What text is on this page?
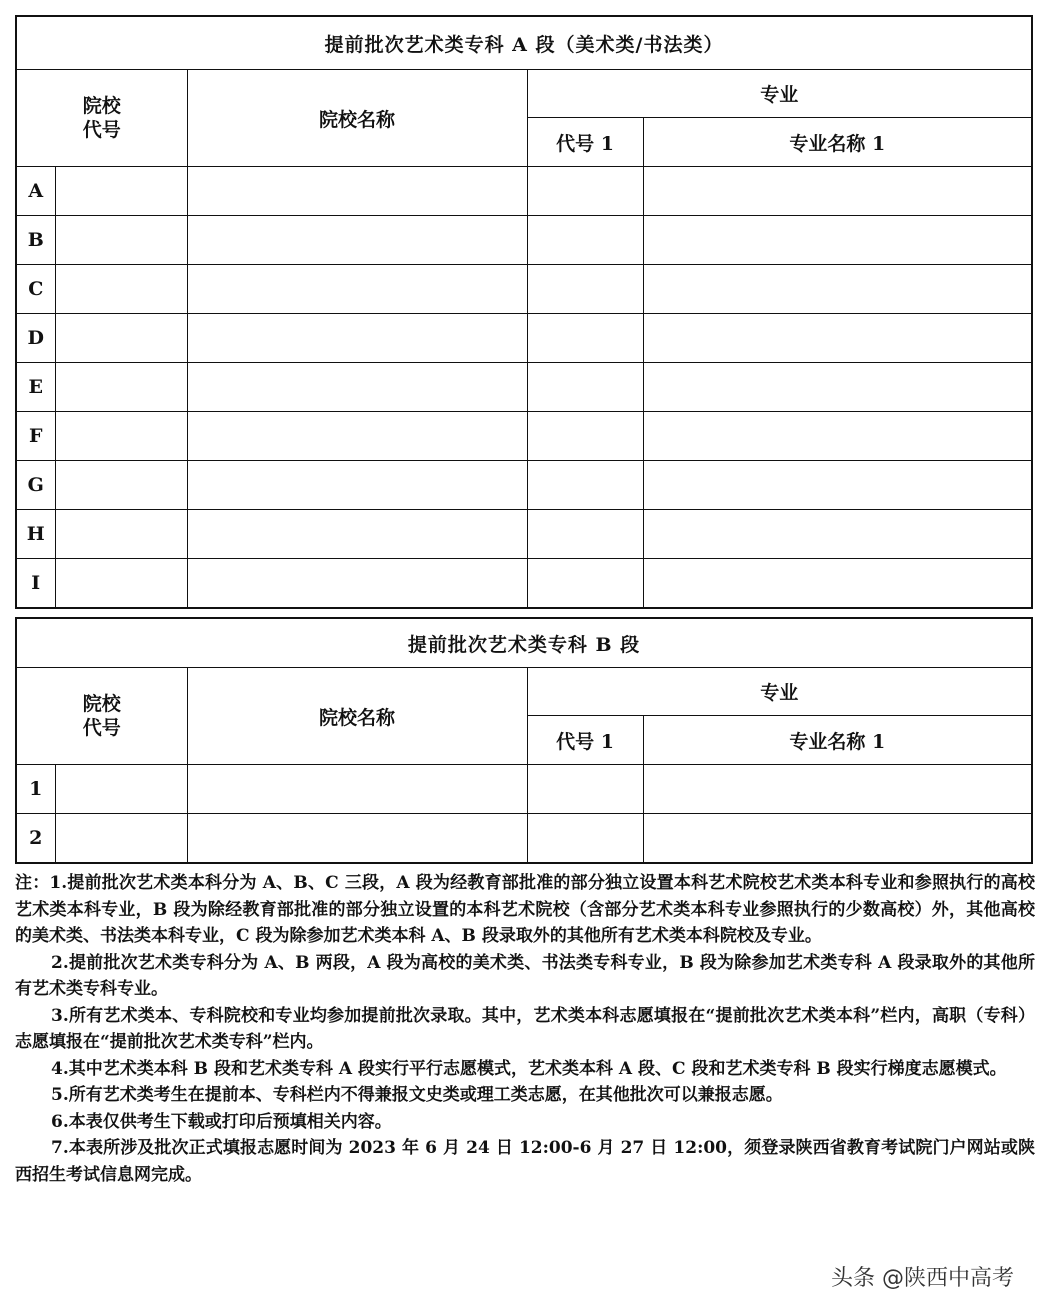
提前批次艺术类专科 A 段（美术类/书法类）				

院校
代号		院校名称	专业	
			代号 1	专业名称 1
A				
B				
C				
D				
E				
F				
G				
H				
I				
提前批次艺术类专科 B 段				

院校
代号		院校名称	专业	
			代号 1	专业名称 1
1				
2				

注：1.提前批次艺术类本科分为 A、B、C 三段，A 段为经教育部批准的部分独立设置本科艺术院校艺术类本科专业和参照执行的高校艺术类本科专业，B 段为除经教育部批准的部分独立设置的本科艺术院校（含部分艺术类本科专业参照执行的少数高校）外，其他高校的美术类、书法类本科专业，C 段为除参加艺术类本科 A、B 段录取外的其他所有艺术类本科院校及专业。

2.提前批次艺术类专科分为 A、B 两段，A 段为高校的美术类、书法类专科专业，B 段为除参加艺术类专科 A 段录取外的其他所有艺术类专科专业。

3.所有艺术类本、专科院校和专业均参加提前批次录取。其中，艺术类本科志愿填报在“提前批次艺术类本科”栏内，高职（专科）志愿填报在“提前批次艺术类专科”栏内。

4.其中艺术类本科 B 段和艺术类专科 A 段实行平行志愿模式，艺术类本科 A 段、C 段和艺术类专科 B 段实行梯度志愿模式。

5.所有艺术类考生在提前本、专科栏内不得兼报文史类或理工类志愿，在其他批次可以兼报志愿。

6.本表仅供考生下载或打印后预填相关内容。

7.本表所涉及批次正式填报志愿时间为 2023 年 6 月 24 日 12:00-6 月 27 日 12:00，须登录陕西省教育考试院门户网站或陕西招生考试信息网完成。

头条 @陕西中高考
